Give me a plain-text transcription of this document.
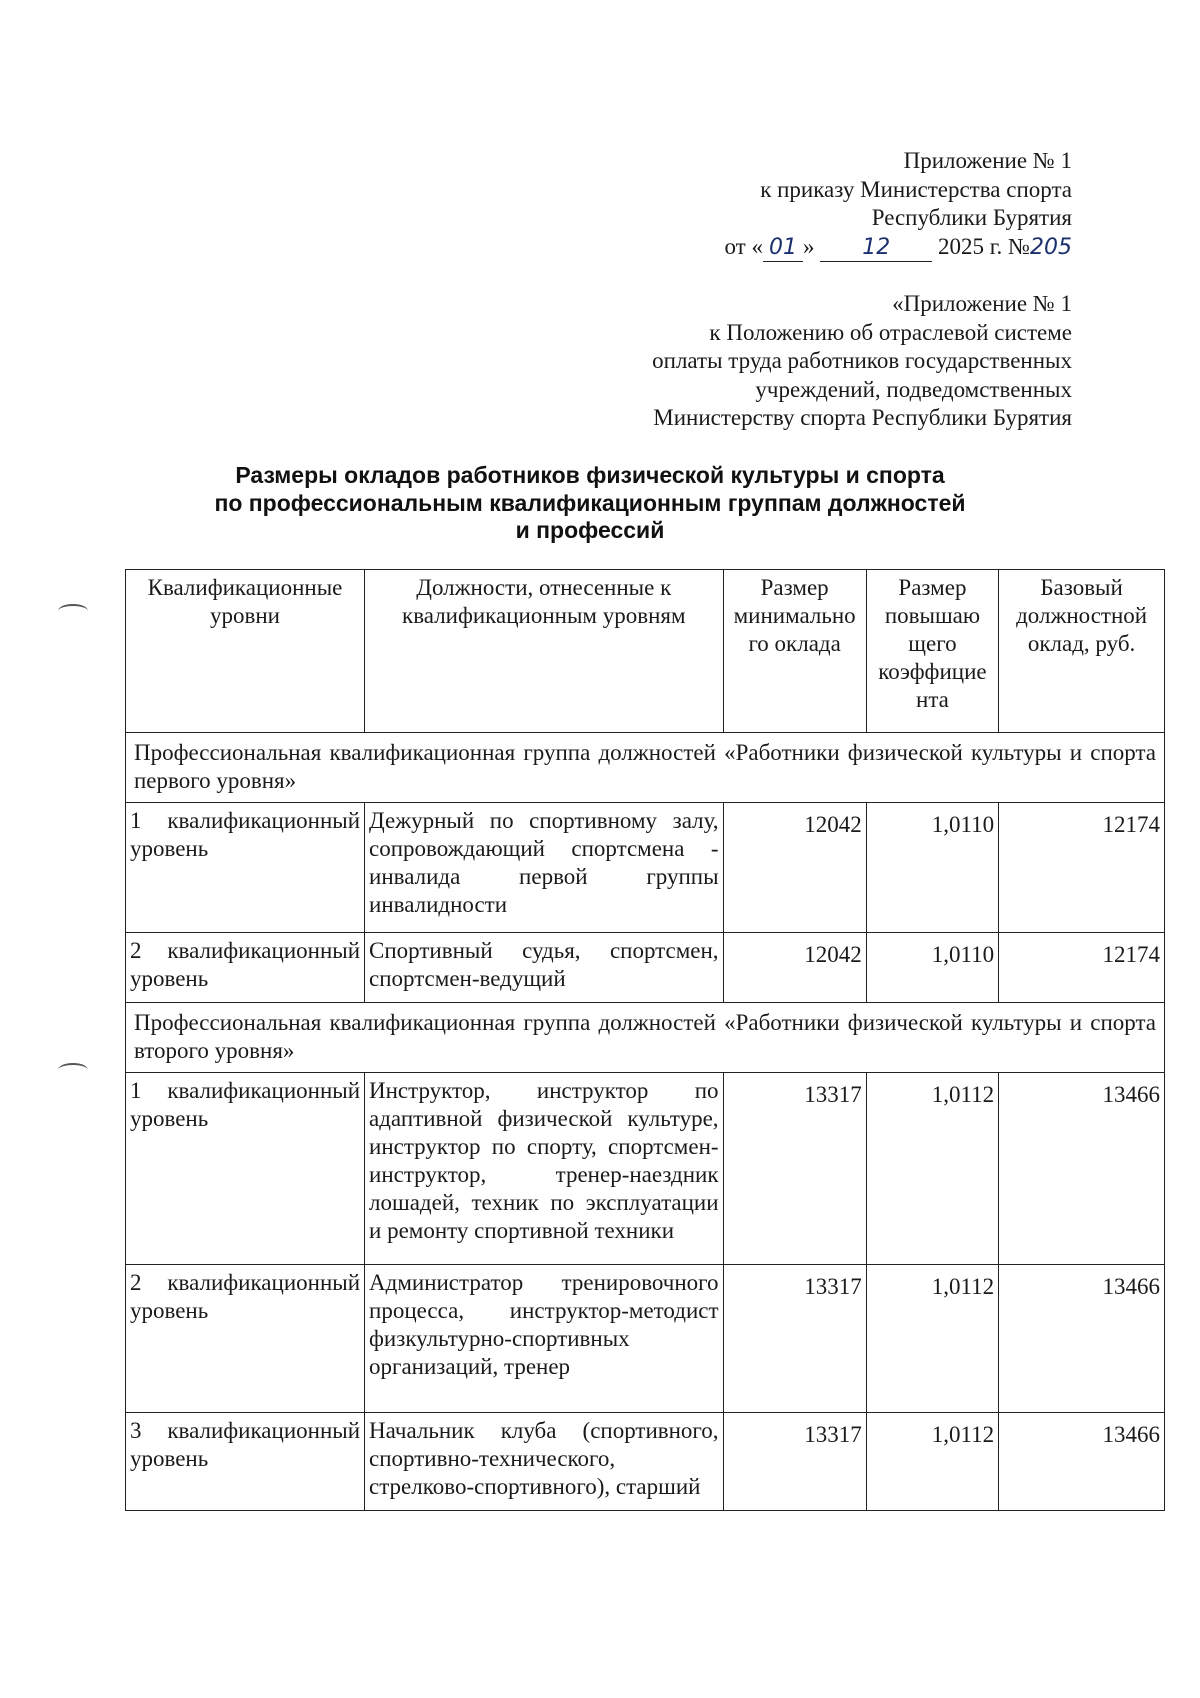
Приложение № 1
к приказу Министерства спорта
Республики Бурятия
от « 01 » 12 2025 г. №205
«Приложение № 1
к Положению об отраслевой системе
оплаты труда работников государственных
учреждений, подведомственных
Министерству спорта Республики Бурятия
Размеры окладов работников физической культуры и спорта
по профессиональным квалификационным группам должностей
и профессий
Квалификационные уровни	Должности, отнесенные к квалификационным уровням	Размер минимально го оклада	Размер повышаю щего коэффицие нта	Базовый должностной оклад, руб.
Профессиональная квалификационная группа должностей «Работники физической культуры и спорта первого уровня»				
1 квалификационный
уровень	Дежурный по спортивному залу, сопровождающий спортсмена - инвалида первой группы инвалидности	12042	1,0110	12174
2 квалификационный
уровень	Спортивный судья, спортсмен, спортсмен-ведущий	12042	1,0110	12174
Профессиональная квалификационная группа должностей «Работники физической культуры и спорта второго уровня»				
1 квалификационный
уровень	Инструктор, инструктор по адаптивной физической культуре, инструктор по спорту, спортсмен-инструктор, тренер-наездник лошадей, техник по эксплуатации и ремонту спортивной техники	13317	1,0112	13466
2 квалификационный
уровень	Администратор тренировочного процесса, инструктор-методист физкультурно-спортивных организаций, тренер	13317	1,0112	13466
3 квалификационный
уровень	Начальник клуба (спортивного, спортивно-технического, стрелково-спортивного), старший	13317	1,0112	13466
